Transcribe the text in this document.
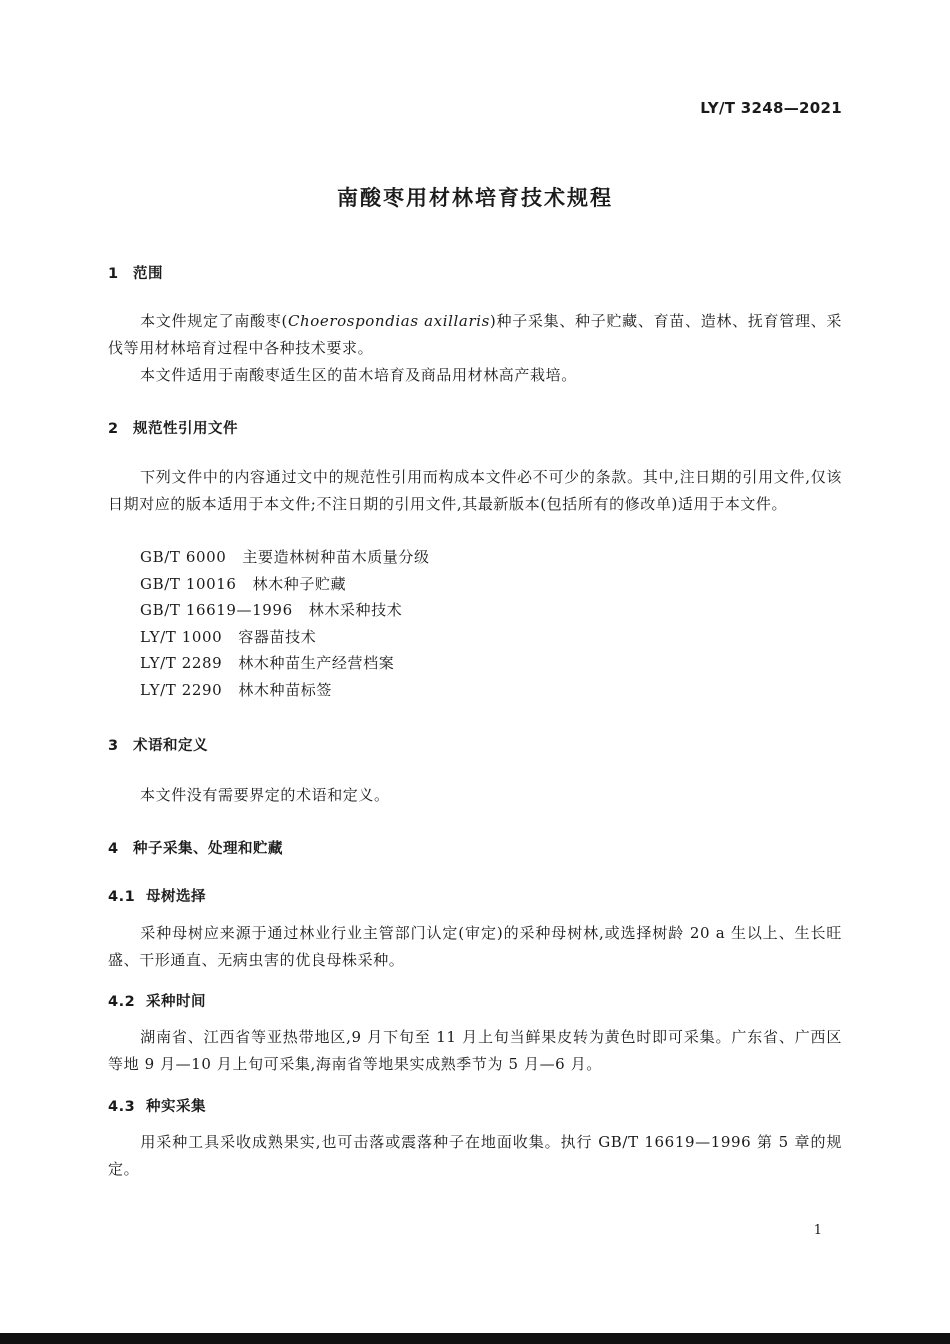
LY/T 3248—2021
南酸枣用材林培育技术规程
1 范围
本文件规定了南酸枣(Choerospondias axillaris)种子采集、种子贮藏、育苗、造林、抚育管理、采伐等用材林培育过程中各种技术要求。
本文件适用于南酸枣适生区的苗木培育及商品用材林高产栽培。
2 规范性引用文件
下列文件中的内容通过文中的规范性引用而构成本文件必不可少的条款。其中,注日期的引用文件,仅该日期对应的版本适用于本文件;不注日期的引用文件,其最新版本(包括所有的修改单)适用于本文件。
GB/T 6000 主要造林树种苗木质量分级
GB/T 10016 林木种子贮藏
GB/T 16619—1996 林木采种技术
LY/T 1000 容器苗技术
LY/T 2289 林木种苗生产经营档案
LY/T 2290 林木种苗标签
3 术语和定义
本文件没有需要界定的术语和定义。
4 种子采集、处理和贮藏
4.1 母树选择
采种母树应来源于通过林业行业主管部门认定(审定)的采种母树林,或选择树龄 20 a 生以上、生长旺盛、干形通直、无病虫害的优良母株采种。
4.2 采种时间
湖南省、江西省等亚热带地区,9 月下旬至 11 月上旬当鲜果皮转为黄色时即可采集。广东省、广西区等地 9 月—10 月上旬可采集,海南省等地果实成熟季节为 5 月—6 月。
4.3 种实采集
用采种工具采收成熟果实,也可击落或震落种子在地面收集。执行 GB/T 16619—1996 第 5 章的规定。
1
